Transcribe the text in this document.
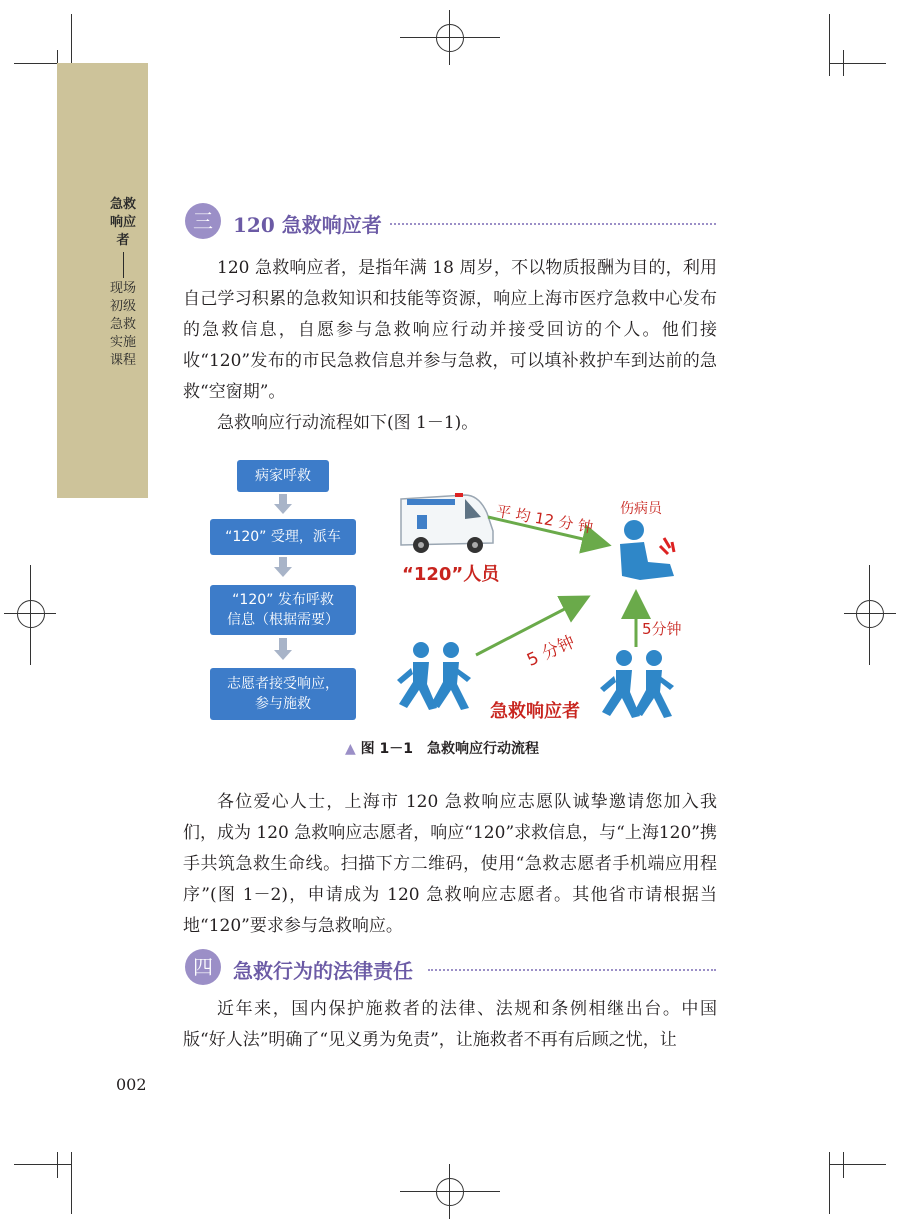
急救响应者
现场初级急救实施课程
三	120 急救响应者

120 急救响应者，是指年满 18 周岁，不以物质报酬为目的，利用自己学习积累的急救知识和技能等资源，响应上海市医疗急救中心发布的急救信息，自愿参与急救响应行动并接受回访的个人。他们接收“120”发布的市民急救信息并参与急救，可以填补救护车到达前的急救“空窗期”。

急救响应行动流程如下(图 1－1)。

病家呼救
“120” 受理，派车
“120” 发布呼救信息（根据需要）
志愿者接受响应，参与施救
“120”人员
平 均 12 分 钟 伤病员
5 分钟
5分钟
急救响应者
▲ 图 1－1　急救响应行动流程

各位爱心人士，上海市 120 急救响应志愿队诚挚邀请您加入我们，成为 120 急救响应志愿者，响应“120”求救信息，与“上海120”携手共筑急救生命线。扫描下方二维码，使用“急救志愿者手机端应用程序”(图 1－2)，申请成为 120 急救响应志愿者。其他省市请根据当地“120”要求参与急救响应。

四	急救行为的法律责任

近年来，国内保护施救者的法律、法规和条例相继出台。中国版“好人法”明确了“见义勇为免责”，让施救者不再有后顾之忧，让

002
